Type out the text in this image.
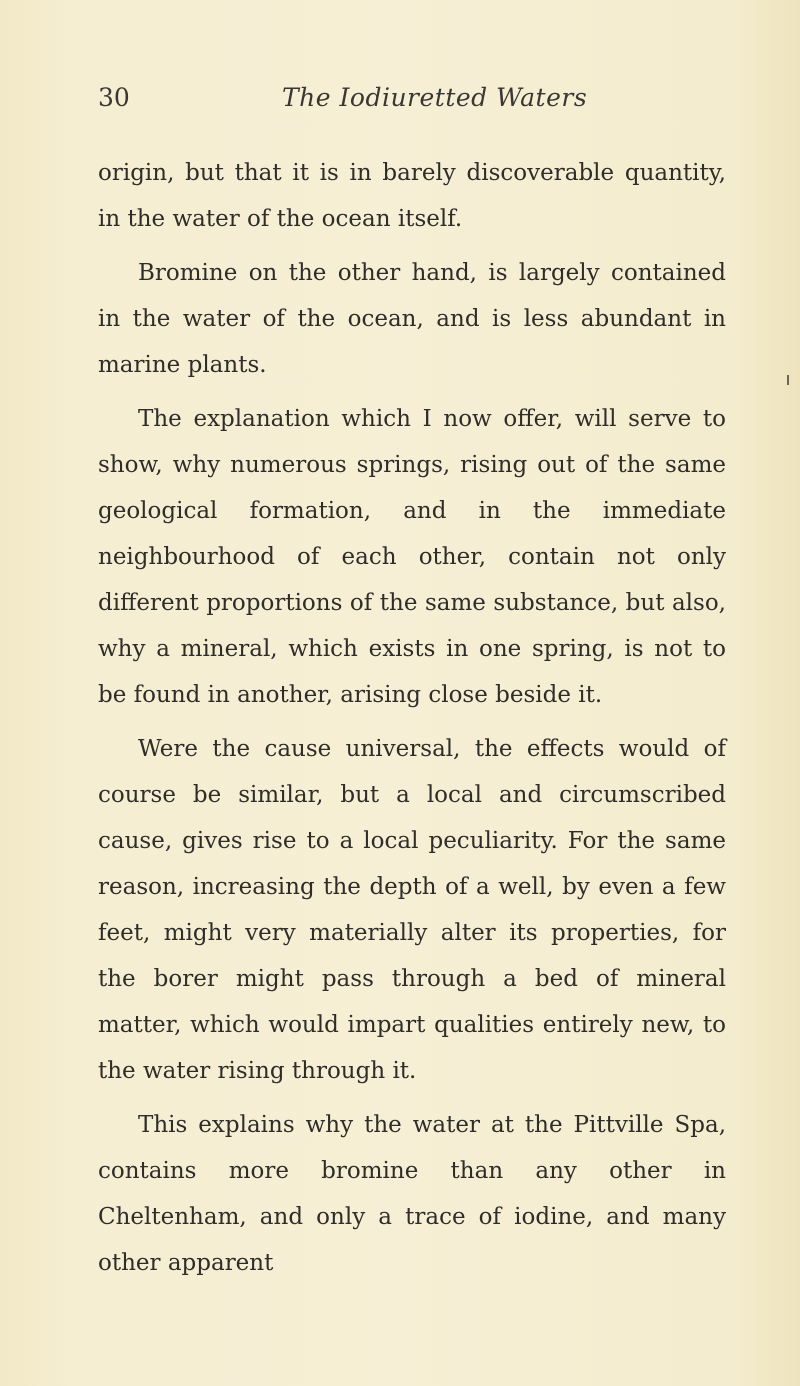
30	The Iodiuretted Waters

origin, but that it is in barely discoverable quantity, in the water of the ocean itself.

Bromine on the other hand, is largely contained in the water of the ocean, and is less abundant in marine plants.

The explanation which I now offer, will serve to show, why numerous springs, rising out of the same geological formation, and in the immediate neighbourhood of each other, contain not only different proportions of the same substance, but also, why a mineral, which exists in one spring, is not to be found in another, arising close beside it.

Were the cause universal, the effects would of course be similar, but a local and circumscribed cause, gives rise to a local peculiarity. For the same reason, increasing the depth of a well, by even a few feet, might very materially alter its properties, for the borer might pass through a bed of mineral matter, which would impart qualities entirely new, to the water rising through it.

This explains why the water at the Pittville Spa, contains more bromine than any other in Cheltenham, and only a trace of iodine, and many other apparent
